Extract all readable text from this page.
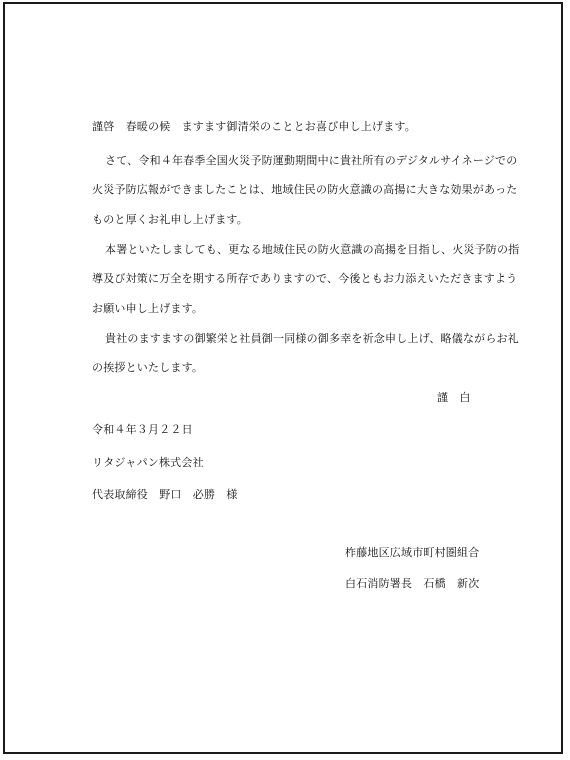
謹啓　春暖の候　ますます御清栄のこととお喜び申し上げます。
さて、令和４年春季全国火災予防運動期間中に貴社所有のデジタルサイネージでの
火災予防広報ができましたことは、地域住民の防火意識の高揚に大きな効果があった
ものと厚くお礼申し上げます。
本署といたしましても、更なる地域住民の防火意識の高揚を目指し、火災予防の指
導及び対策に万全を期する所存でありますので、今後ともお力添えいただきますよう
お願い申し上げます。
貴社のますますの御繁栄と社員御一同様の御多幸を祈念申し上げ、略儀ながらお礼
の挨拶といたします。
謹　白
令和４年３月２２日
リタジャパン株式会社
代表取締役　野口　必勝　様
柞藤地区広域市町村圏組合
白石消防署長　石橋　新次
